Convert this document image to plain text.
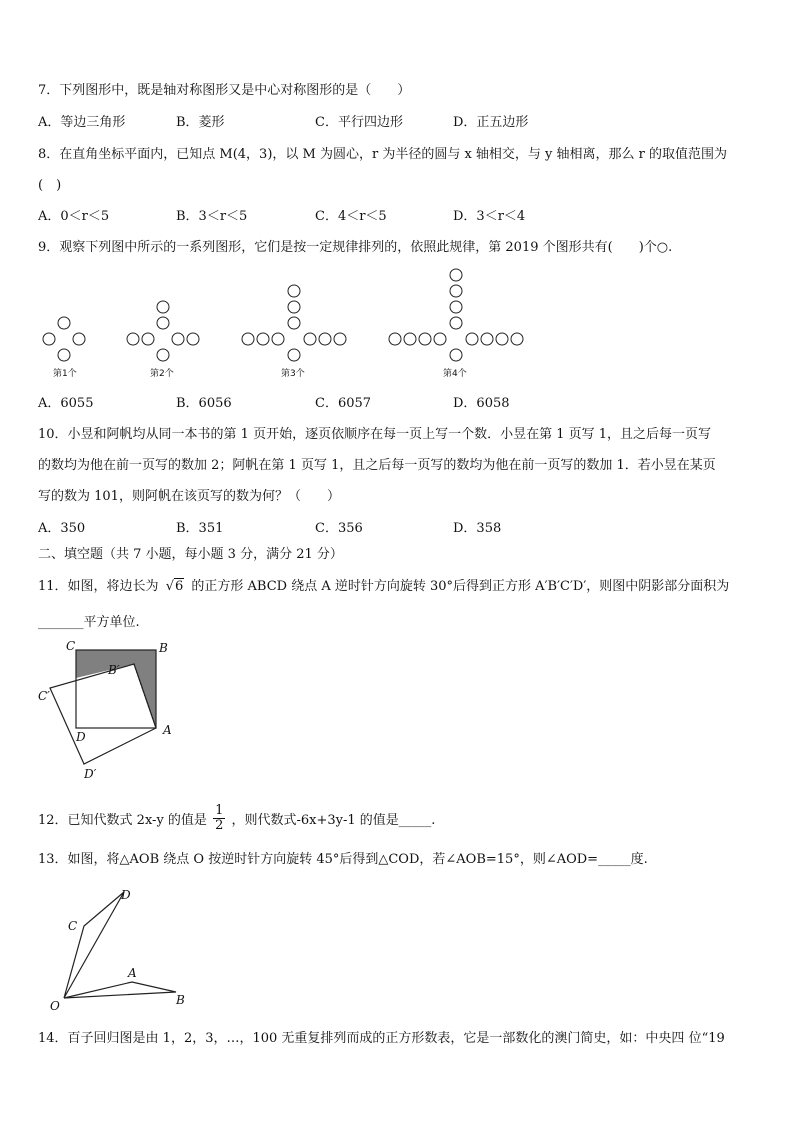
7．下列图形中，既是轴对称图形又是中心对称图形的是（　　）
A．等边三角形	B．菱形	C．平行四边形	D．正五边形
8．在直角坐标平面内，已知点 M(4，3)，以 M 为圆心，r 为半径的圆与 x 轴相交，与 y 轴相离，那么 r 的取值范围为
(　)
A．0＜r＜5	B．3＜r＜5	C．4＜r＜5	D．3＜r＜4
9．观察下列图中所示的一系列图形，它们是按一定规律排列的，依照此规律，第 2019 个图形共有(　　)个○.
第1个	第2个	第3个	第4个
A．6055	B．6056	C．6057	D．6058
10．小昱和阿帆均从同一本书的第 1 页开始，逐页依顺序在每一页上写一个数．小昱在第 1 页写 1，且之后每一页写
的数均为他在前一页写的数加 2；阿帆在第 1 页写 1，且之后每一页写的数均为他在前一页写的数加 1．若小昱在某页
写的数为 101，则阿帆在该页写的数为何？（　　）
A．350	B．351	C．356	D．358
二、填空题（共 7 小题，每小题 3 分，满分 21 分）
11．如图，将边长为 √6 的正方形 ABCD 绕点 A 逆时针方向旋转 30°后得到正方形 A′B′C′D′，则图中阴影部分面积为
_______平方单位.
C	B
B′
C′
D	A
D′
12．已知代数式 2x-y 的值是 $\frac{1}{2}$ ，则代数式-6x+3y-1 的值是_____.
13．如图，将△AOB 绕点 O 按逆时针方向旋转 45°后得到△COD，若∠AOB=15°，则∠AOD=_____度.
D
C
A
O	B
14．百子回归图是由 1，2，3，…，100 无重复排列而成的正方形数表，它是一部数化的澳门简史，如：中央四 位“19
